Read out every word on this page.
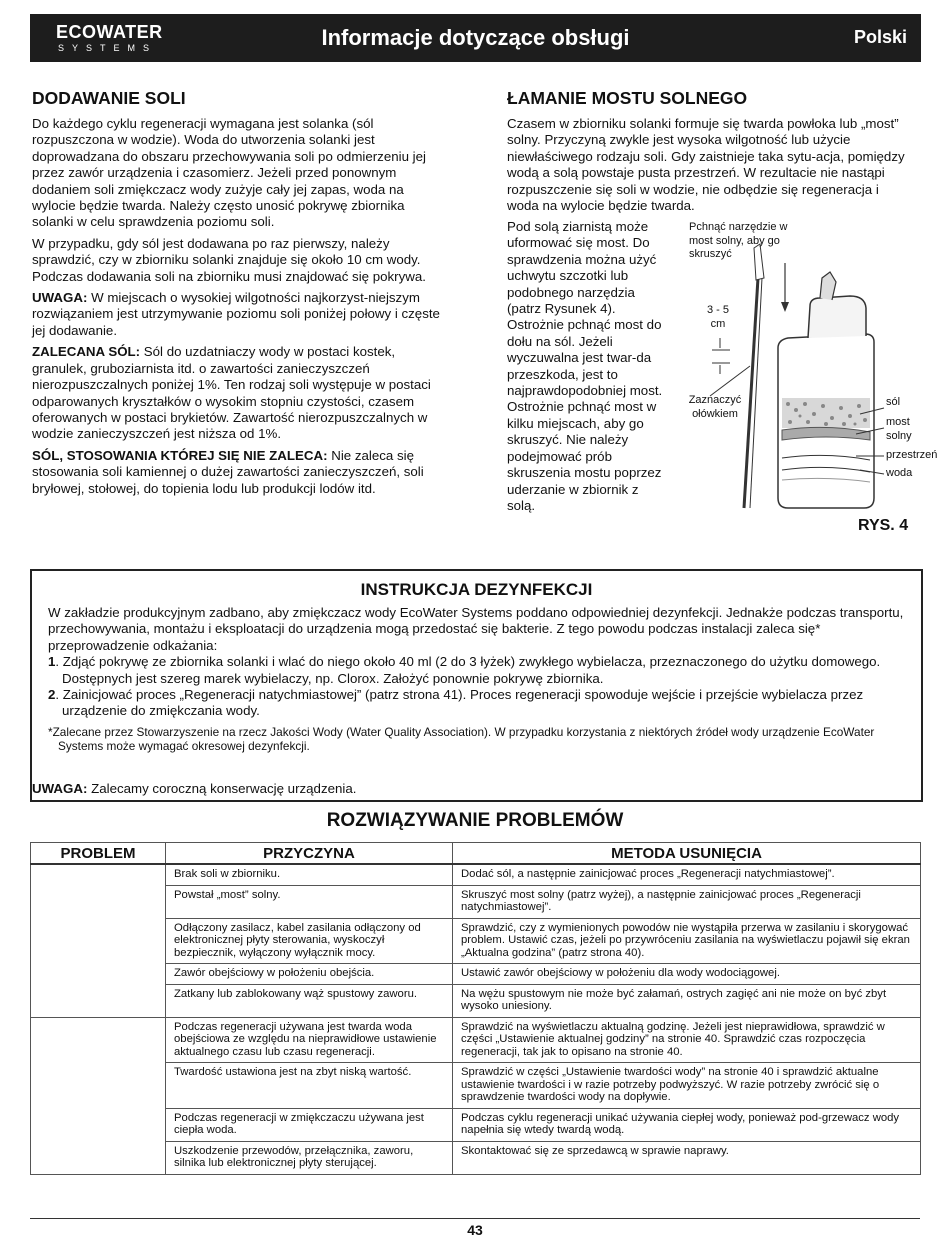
ECOWATER
SYSTEMS	Informacje dotyczące obsługi	Polski
DODAWANIE SOLI

Do każdego cyklu regeneracji wymagana jest solanka (sól rozpuszczona w wodzie). Woda do utworzenia solanki jest doprowadzana do obszaru przechowywania soli po odmierzeniu jej przez zawór urządzenia i czasomierz. Jeżeli przed ponownym dodaniem soli zmiękczacz wody zużyje cały jej zapas, woda na wylocie będzie twarda. Należy często unosić pokrywę zbiornika solanki w celu sprawdzenia poziomu soli.

W przypadku, gdy sól jest dodawana po raz pierwszy, należy sprawdzić, czy w zbiorniku solanki znajduje się około 10 cm wody. Podczas dodawania soli na zbiorniku musi znajdować się pokrywa.

UWAGA: W miejscach o wysokiej wilgotności najkorzyst-niejszym rozwiązaniem jest utrzymywanie poziomu soli poniżej połowy i częste jej dodawanie.

ZALECANA SÓL: Sól do uzdatniaczy wody w postaci kostek, granulek, gruboziarnista itd. o zawartości zanieczyszczeń nierozpuszczalnych poniżej 1%. Ten rodzaj soli występuje w postaci odparowanych kryształków o wysokim stopniu czystości, czasem oferowanych w postaci brykietów. Zawartość nierozpuszczalnych w wodzie zanieczyszczeń jest niższa od 1%.

SÓL, STOSOWANIA KTÓREJ SIĘ NIE ZALECA: Nie zaleca się stosowania soli kamiennej o dużej zawartości zanieczyszczeń, soli bryłowej, stołowej, do topienia lodu lub produkcji lodów itd.

ŁAMANIE MOSTU SOLNEGO

Czasem w zbiorniku solanki formuje się twarda powłoka lub „most” solny. Przyczyną zwykle jest wysoka wilgotność lub użycie niewłaściwego rodzaju soli. Gdy zaistnieje taka sytu-acja, pomiędzy wodą a solą powstaje pusta przestrzeń. W rezultacie nie nastąpi rozpuszczenie się soli w wodzie, nie odbędzie się regeneracja i woda na wylocie będzie twarda.

Pod solą ziarnistą może uformować się most. Do sprawdzenia można użyć uchwytu szczotki lub podobnego narzędzia (patrz Rysunek 4). Ostrożnie pchnąć most do dołu na sól. Jeżeli wyczuwalna jest twar-da przeszkoda, jest to najprawdopodobniej most. Ostrożnie pchnąć most w kilku miejscach, aby go skruszyć. Nie należy podejmować prób skruszenia mostu poprzez uderzanie w zbiornik z solą.
Pchnąć narzędzie w most solny, aby go skruszyć
3 - 5 cm
Zaznaczyć ołówkiem
sól
most solny
przestrzeń
woda
RYS. 4
INSTRUKCJA DEZYNFEKCJI

W zakładzie produkcyjnym zadbano, aby zmiękczacz wody EcoWater Systems poddano odpowiedniej dezynfekcji. Jednakże podczas transportu, przechowywania, montażu i eksploatacji do urządzenia mogą przedostać się bakterie. Z tego powodu podczas instalacji zaleca się* przeprowadzenie odkażania:

1. Zdjąć pokrywę ze zbiornika solanki i wlać do niego około 40 ml (2 do 3 łyżek) zwykłego wybielacza, przeznaczonego do użytku domowego. Dostępnych jest szereg marek wybielaczy, np. Clorox. Założyć ponownie pokrywę zbiornika.

2. Zainicjować proces „Regeneracji natychmiastowej” (patrz strona 41). Proces regeneracji spowoduje wejście i przejście wybielacza przez urządzenie do zmiękczania wody.

*Zalecane przez Stowarzyszenie na rzecz Jakości Wody (Water Quality Association). W przypadku korzystania z niektórych źródeł wody urządzenie EcoWater Systems może wymagać okresowej dezynfekcji.

UWAGA: Zalecamy coroczną konserwację urządzenia.
ROZWIĄZYWANIE PROBLEMÓW
PROBLEM	PRZYCZYNA	METODA USUNIĘCIA
	Brak soli w zbiorniku.	Dodać sól, a następnie zainicjować proces „Regeneracji natychmiastowej”.
	Powstał „most” solny.	Skruszyć most solny (patrz wyżej), a następnie zainicjować proces „Regeneracji natychmiastowej”.
	Odłączony zasilacz, kabel zasilania odłączony od elektronicznej płyty sterowania, wyskoczył bezpiecznik, wyłączony wyłącznik mocy.	Sprawdzić, czy z wymienionych powodów nie wystąpiła przerwa w zasilaniu i skorygować problem. Ustawić czas, jeżeli po przywróceniu zasilania na wyświetlaczu pojawił się ekran „Aktualna godzina” (patrz strona 40).
	Zawór obejściowy w położeniu obejścia.	Ustawić zawór obejściowy w położeniu dla wody wodociągowej.
	Zatkany lub zablokowany wąż spustowy zaworu.	Na wężu spustowym nie może być załamań, ostrych zagięć ani nie może on być zbyt wysoko uniesiony.
	Podczas regeneracji używana jest twarda woda obejściowa ze względu na nieprawidłowe ustawienie aktualnego czasu lub czasu regeneracji.	Sprawdzić na wyświetlaczu aktualną godzinę. Jeżeli jest nieprawidłowa, sprawdzić w części „Ustawienie aktualnej godziny” na stronie 40. Sprawdzić czas rozpoczęcia regeneracji, tak jak to opisano na stronie 40.
	Twardość ustawiona jest na zbyt niską wartość.	Sprawdzić w części „Ustawienie twardości wody” na stronie 40 i sprawdzić aktualne ustawienie twardości i w razie potrzeby podwyższyć. W razie potrzeby zwrócić się o sprawdzenie twardości wody na dopływie.
	Podczas regeneracji w zmiękczaczu używana jest ciepła woda.	Podczas cyklu regeneracji unikać używania ciepłej wody, ponieważ pod-grzewacz wody napełnia się wtedy twardą wodą.
	Uszkodzenie przewodów, przełącznika, zaworu, silnika lub elektronicznej płyty sterującej.	Skontaktować się ze sprzedawcą w sprawie naprawy.
43
